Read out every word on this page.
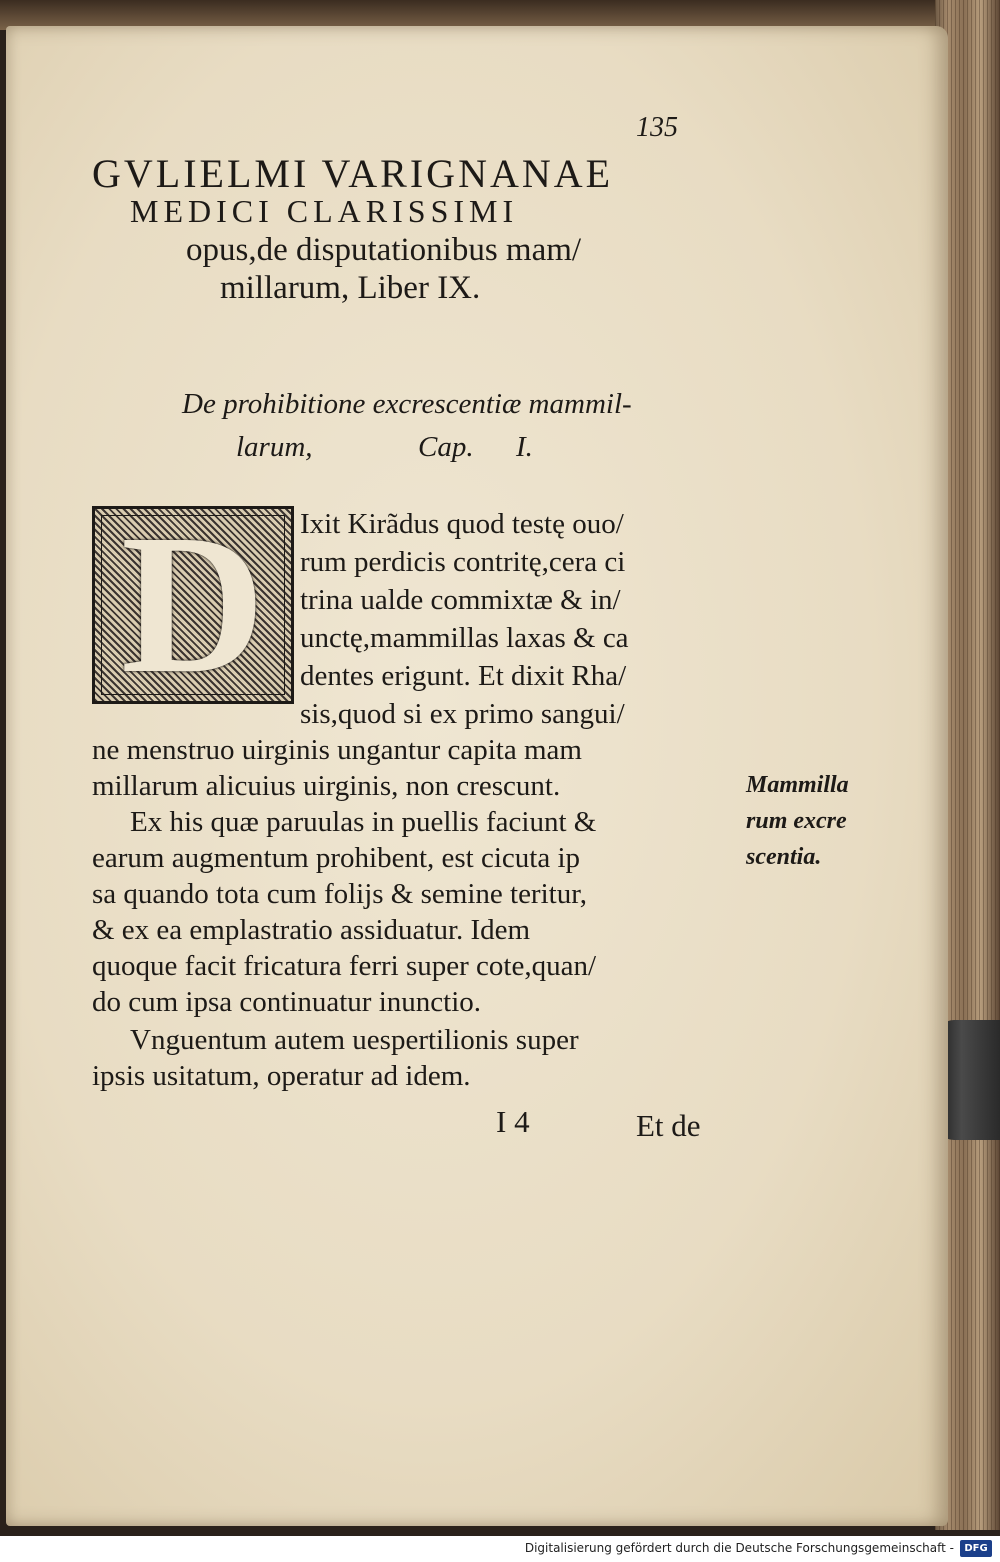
135
GVLIELMI VARIGNANAE
MEDICI CLARISSIMI
opus,de disputationibus mam/
millarum, Liber IX.
De prohibitione excrescentiæ mammil-
larum,	Cap. I.
D Ixit Kirãdus quod testę ouo/
rum perdicis contritę,cera ci
trina ualde commixtæ & in/
unctę,mammillas laxas & ca
dentes erigunt. Et dixit Rha/
sis,quod si ex primo sangui/
ne menstruo uirginis ungantur capita mam
millarum alicuius uirginis, non crescunt.
Ex his quæ paruulas in puellis faciunt &
earum augmentum prohibent, est cicuta ip
sa quando tota cum folijs & semine teritur,
& ex ea emplastratio assiduatur. Idem
quoque facit fricatura ferri super cote,quan/
do cum ipsa continuatur inunctio.
Vnguentum autem uespertilionis super
ipsis usitatum, operatur ad idem.
Mammilla
rum excre
scentia.
I 4	Et de
Digitalisierung gefördert durch die Deutsche Forschungsgemeinschaft -	DFG
